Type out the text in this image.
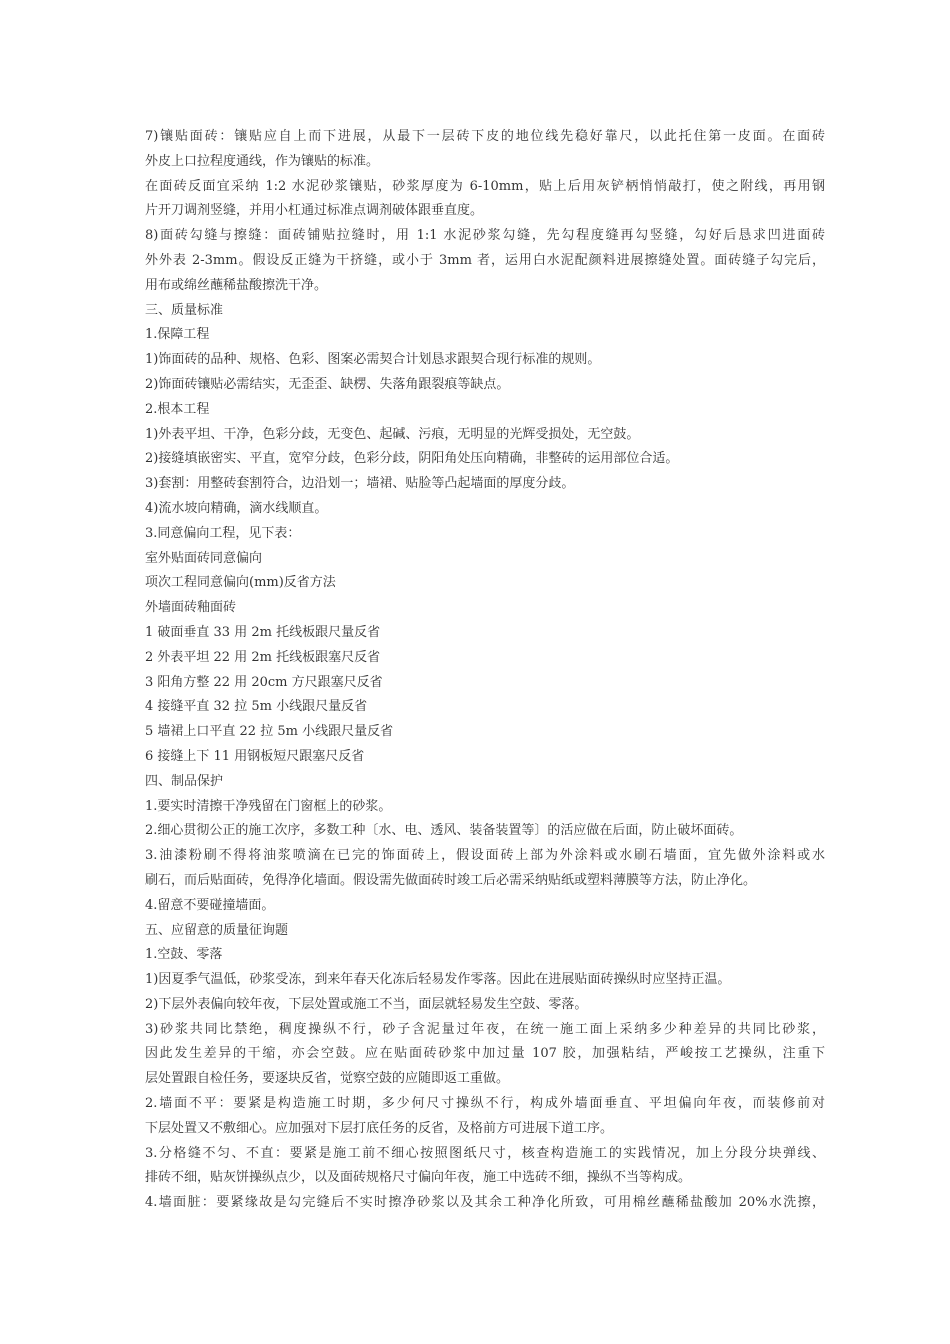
7)镶贴面砖：镶贴应自上而下进展，从最下一层砖下皮的地位线先稳好靠尺，以此托住第一皮面。在面砖
外皮上口拉程度通线，作为镶贴的标准。
在面砖反面宜采纳 1:2 水泥砂浆镶贴，砂浆厚度为 6-10mm，贴上后用灰铲柄悄悄敲打，使之附线，再用钢
片开刀调剂竖缝，并用小杠通过标准点调剂破体跟垂直度。
8)面砖勾缝与擦缝：面砖铺贴拉缝时，用 1:1 水泥砂浆勾缝，先勾程度缝再勾竖缝，勾好后恳求凹进面砖
外外表 2-3mm。假设反正缝为干挤缝，或小于 3mm 者，运用白水泥配颜料进展擦缝处置。面砖缝子勾完后，
用布或绵丝蘸稀盐酸擦洗干净。
三、质量标准
1.保障工程
1)饰面砖的品种、规格、色彩、图案必需契合计划恳求跟契合现行标准的规则。
2)饰面砖镶贴必需结实，无歪歪、缺楞、失落角跟裂痕等缺点。
2.根本工程
1)外表平坦、干净，色彩分歧，无变色、起碱、污痕，无明显的光辉受损处，无空鼓。
2)接缝填嵌密实、平直，宽窄分歧，色彩分歧，阴阳角处压向精确，非整砖的运用部位合适。
3)套割：用整砖套割符合，边沿划一；墙裙、贴脸等凸起墙面的厚度分歧。
4)流水坡向精确，滴水线顺直。
3.同意偏向工程，见下表：
室外贴面砖同意偏向
项次工程同意偏向(mm)反省方法
外墙面砖釉面砖
1 破面垂直 33 用 2m 托线板跟尺量反省
2 外表平坦 22 用 2m 托线板跟塞尺反省
3 阳角方整 22 用 20cm 方尺跟塞尺反省
4 接缝平直 32 拉 5m 小线跟尺量反省
5 墙裙上口平直 22 拉 5m 小线跟尺量反省
6 接缝上下 11 用钢板短尺跟塞尺反省
四、制品保护
1.要实时清擦干净残留在门窗框上的砂浆。
2.细心贯彻公正的施工次序，多数工种〔水、电、透风、装备装置等〕的活应做在后面，防止破坏面砖。
3.油漆粉刷不得将油浆喷滴在已完的饰面砖上，假设面砖上部为外涂料或水刷石墙面，宜先做外涂料或水
刷石，而后贴面砖，免得净化墙面。假设需先做面砖时竣工后必需采纳贴纸或塑料薄膜等方法，防止净化。
4.留意不要碰撞墙面。
五、应留意的质量征询题
1.空鼓、零落
1)因夏季气温低，砂浆受冻，到来年春天化冻后轻易发作零落。因此在进展贴面砖操纵时应坚持正温。
2)下层外表偏向较年夜，下层处置或施工不当，面层就轻易发生空鼓、零落。
3)砂浆共同比禁绝，稠度操纵不行，砂子含泥量过年夜，在统一施工面上采纳多少种差异的共同比砂浆，
因此发生差异的干缩，亦会空鼓。应在贴面砖砂浆中加过量 107 胶，加强粘结，严峻按工艺操纵，注重下
层处置跟自检任务，要逐块反省，觉察空鼓的应随即返工重做。
2.墙面不平：要紧是构造施工时期，多少何尺寸操纵不行，构成外墙面垂直、平坦偏向年夜，而装修前对
下层处置又不敷细心。应加强对下层打底任务的反省，及格前方可进展下道工序。
3.分格缝不匀、不直：要紧是施工前不细心按照图纸尺寸，核查构造施工的实践情况，加上分段分块弹线、
排砖不细，贴灰饼操纵点少，以及面砖规格尺寸偏向年夜，施工中选砖不细，操纵不当等构成。
4.墙面脏：要紧缘故是勾完缝后不实时擦净砂浆以及其余工种净化所致，可用棉丝蘸稀盐酸加 20%水洗擦，
